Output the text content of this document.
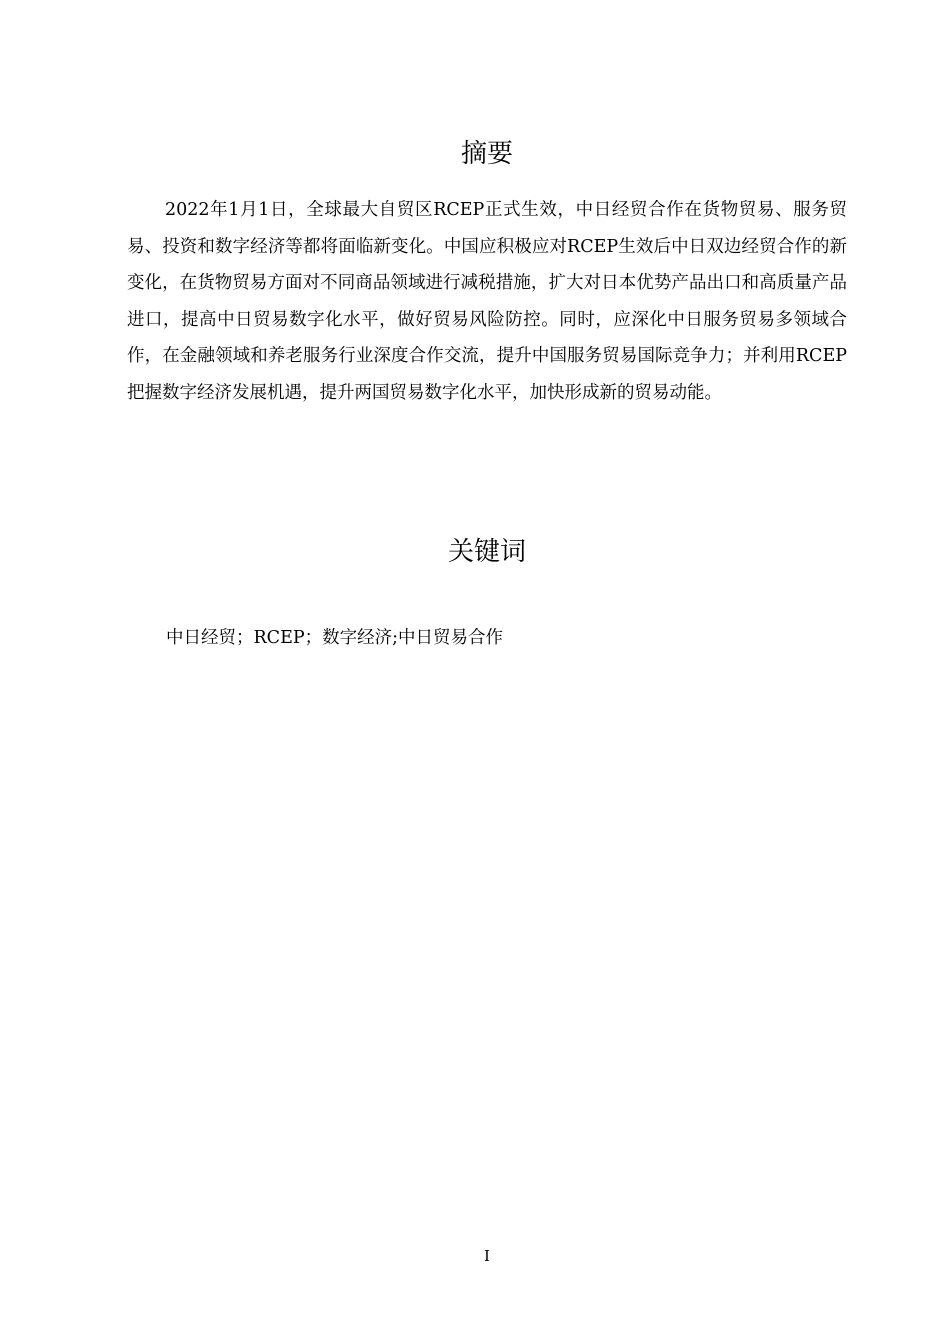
摘要

2022年1月1日，全球最大自贸区RCEP正式生效，中日经贸合作在货物贸易、服务贸易、投资和数字经济等都将面临新变化。中国应积极应对RCEP生效后中日双边经贸合作的新变化，在货物贸易方面对不同商品领域进行减税措施，扩大对日本优势产品出口和高质量产品进口，提高中日贸易数字化水平，做好贸易风险防控。同时，应深化中日服务贸易多领域合作，在金融领域和养老服务行业深度合作交流，提升中国服务贸易国际竞争力；并利用RCEP把握数字经济发展机遇，提升两国贸易数字化水平，加快形成新的贸易动能。

关键词

中日经贸；RCEP；数字经济;中日贸易合作

I
